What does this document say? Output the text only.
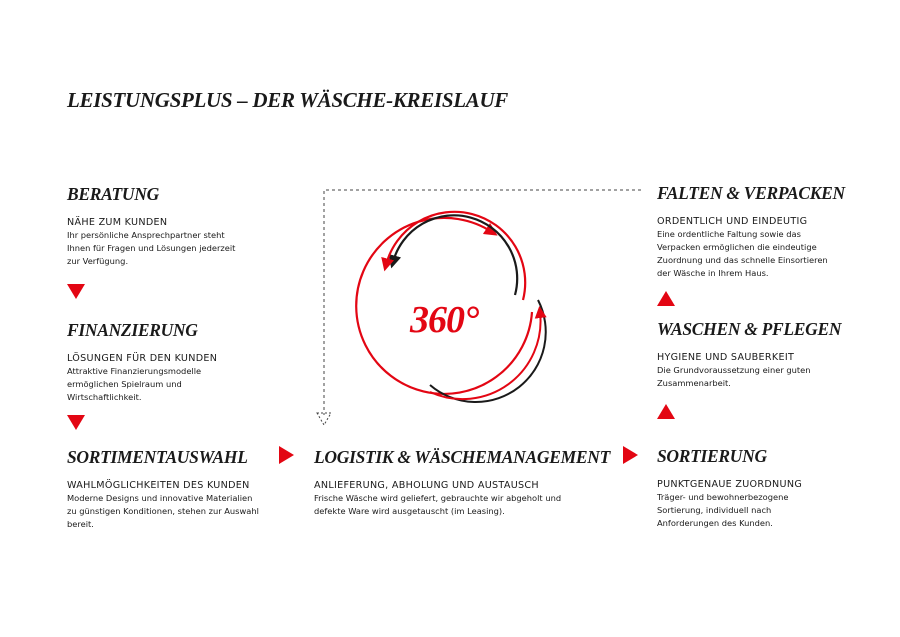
LEISTUNGSPLUS – DER WÄSCHE-KREISLAUF
BERATUNG
NÄHE ZUM KUNDEN
Ihr persönliche Ansprechpartner steht
Ihnen für Fragen und Lösungen jederzeit
zur Verfügung.
FINANZIERUNG
LÖSUNGEN FÜR DEN KUNDEN
Attraktive Finanzierungsmodelle
ermöglichen Spielraum und
Wirtschaftlichkeit.
SORTIMENTAUSWAHL
WAHLMÖGLICHKEITEN DES KUNDEN
Moderne Designs und innovative Materialien
zu günstigen Konditionen, stehen zur Auswahl
bereit.
LOGISTIK & WÄSCHEMANAGEMENT
ANLIEFERUNG, ABHOLUNG UND AUSTAUSCH
Frische Wäsche wird geliefert, gebrauchte wir abgeholt und
defekte Ware wird ausgetauscht (im Leasing).
FALTEN & VERPACKEN
ORDENTLICH UND EINDEUTIG
Eine ordentliche Faltung sowie das
Verpacken ermöglichen die eindeutige
Zuordnung und das schnelle Einsortieren
der Wäsche in Ihrem Haus.
WASCHEN & PFLEGEN
HYGIENE UND SAUBERKEIT
Die Grundvoraussetzung einer guten
Zusammenarbeit.
SORTIERUNG
PUNKTGENAUE ZUORDNUNG
Träger- und bewohnerbezogene
Sortierung, individuell nach
Anforderungen des Kunden.
360°
